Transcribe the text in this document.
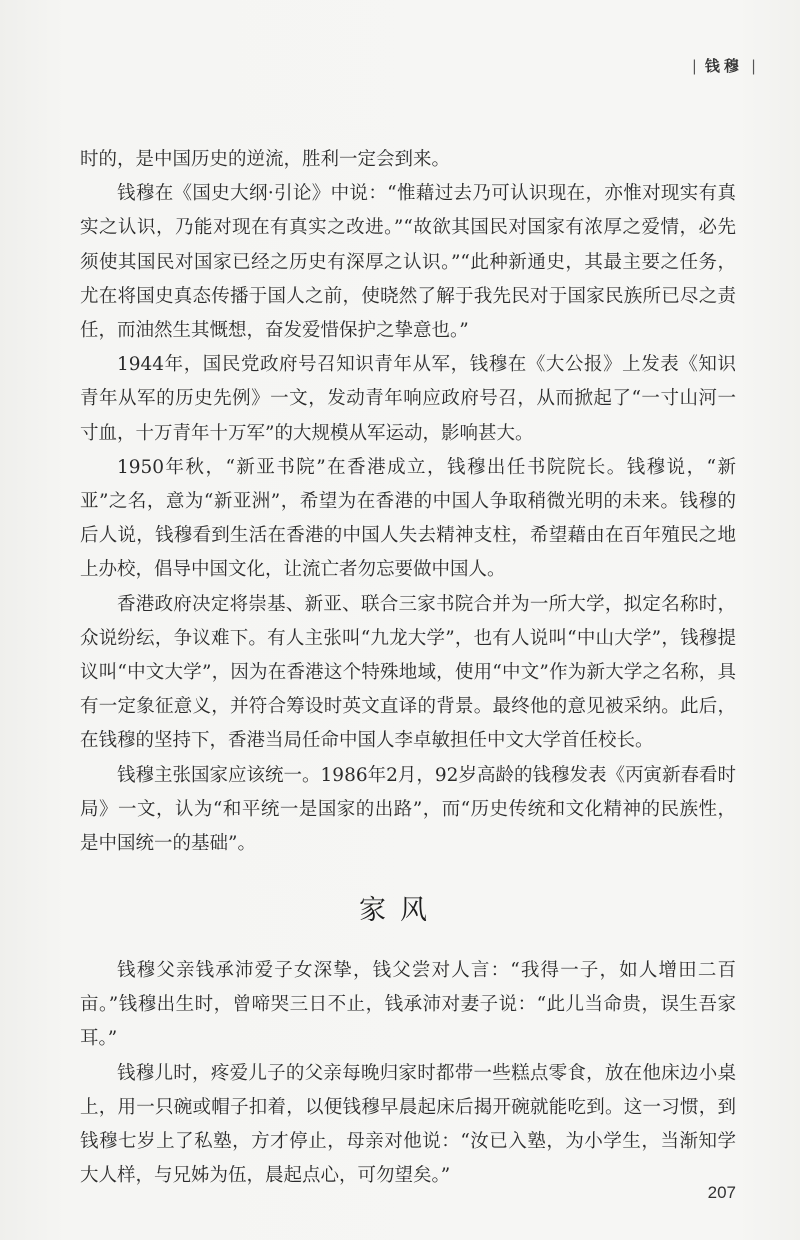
| 钱穆 |

时的，是中国历史的逆流，胜利一定会到来。

钱穆在《国史大纲·引论》中说：“惟藉过去乃可认识现在，亦惟对现实有真实之认识，乃能对现在有真实之改进。”“故欲其国民对国家有浓厚之爱情，必先须使其国民对国家已经之历史有深厚之认识。”“此种新通史，其最主要之任务，尤在将国史真态传播于国人之前，使晓然了解于我先民对于国家民族所已尽之责任，而油然生其慨想，奋发爱惜保护之挚意也。”

1944年，国民党政府号召知识青年从军，钱穆在《大公报》上发表《知识青年从军的历史先例》一文，发动青年响应政府号召，从而掀起了“一寸山河一寸血，十万青年十万军”的大规模从军运动，影响甚大。

1950年秋，“新亚书院”在香港成立，钱穆出任书院院长。钱穆说，“新亚”之名，意为“新亚洲”，希望为在香港的中国人争取稍微光明的未来。钱穆的后人说，钱穆看到生活在香港的中国人失去精神支柱，希望藉由在百年殖民之地上办校，倡导中国文化，让流亡者勿忘要做中国人。

香港政府决定将崇基、新亚、联合三家书院合并为一所大学，拟定名称时，众说纷纭，争议难下。有人主张叫“九龙大学”，也有人说叫“中山大学”，钱穆提议叫“中文大学”，因为在香港这个特殊地域，使用“中文”作为新大学之名称，具有一定象征意义，并符合筹设时英文直译的背景。最终他的意见被采纳。此后，在钱穆的坚持下，香港当局任命中国人李卓敏担任中文大学首任校长。

钱穆主张国家应该统一。1986年2月，92岁高龄的钱穆发表《丙寅新春看时局》一文，认为“和平统一是国家的出路”，而“历史传统和文化精神的民族性，是中国统一的基础”。

家风

钱穆父亲钱承沛爱子女深挚，钱父尝对人言：“我得一子，如人增田二百亩。”钱穆出生时，曾啼哭三日不止，钱承沛对妻子说：“此儿当命贵，误生吾家耳。”

钱穆儿时，疼爱儿子的父亲每晚归家时都带一些糕点零食，放在他床边小桌上，用一只碗或帽子扣着，以便钱穆早晨起床后揭开碗就能吃到。这一习惯，到钱穆七岁上了私塾，方才停止，母亲对他说：“汝已入塾，为小学生，当渐知学大人样，与兄姊为伍，晨起点心，可勿望矣。”

207
